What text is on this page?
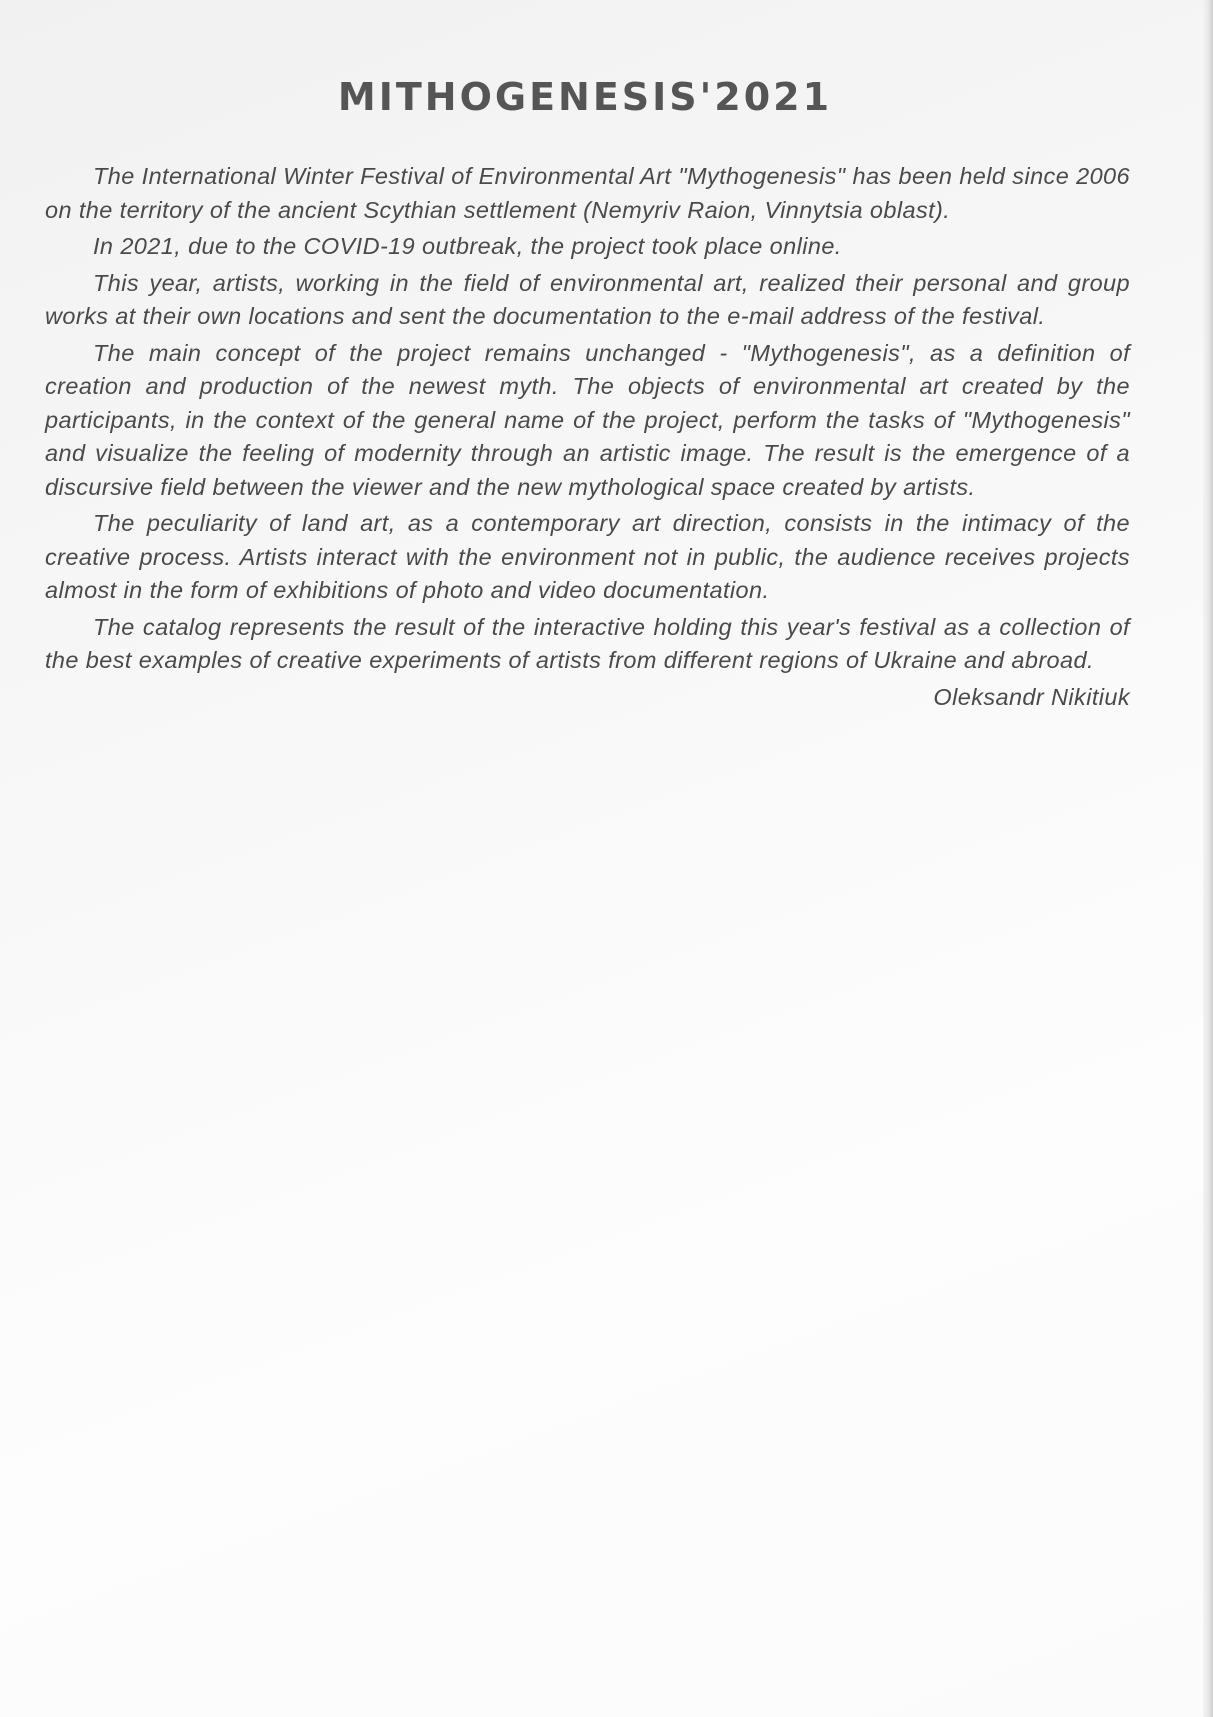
MITHOGENESIS'2021

The International Winter Festival of Environmental Art "Mythogenesis" has been held since 2006 on the territory of the ancient Scythian settlement (Nemyriv Raion, Vinnytsia oblast).

In 2021, due to the COVID-19 outbreak, the project took place online.

This year, artists, working in the field of environmental art, realized their personal and group works at their own locations and sent the documentation to the e-mail address of the festival.

The main concept of the project remains unchanged - "Mythogenesis", as a definition of creation and production of the newest myth. The objects of environmental art created by the participants, in the context of the general name of the project, perform the tasks of "Mythogenesis" and visualize the feeling of modernity through an artistic image. The result is the emergence of a discursive field between the viewer and the new mythological space created by artists.

The peculiarity of land art, as a contemporary art direction, consists in the intimacy of the creative process. Artists interact with the environment not in public, the audience receives projects almost in the form of exhibitions of photo and video documentation.

The catalog represents the result of the interactive holding this year's festival as a collection of the best examples of creative experiments of artists from different regions of Ukraine and abroad.

Oleksandr Nikitiuk
